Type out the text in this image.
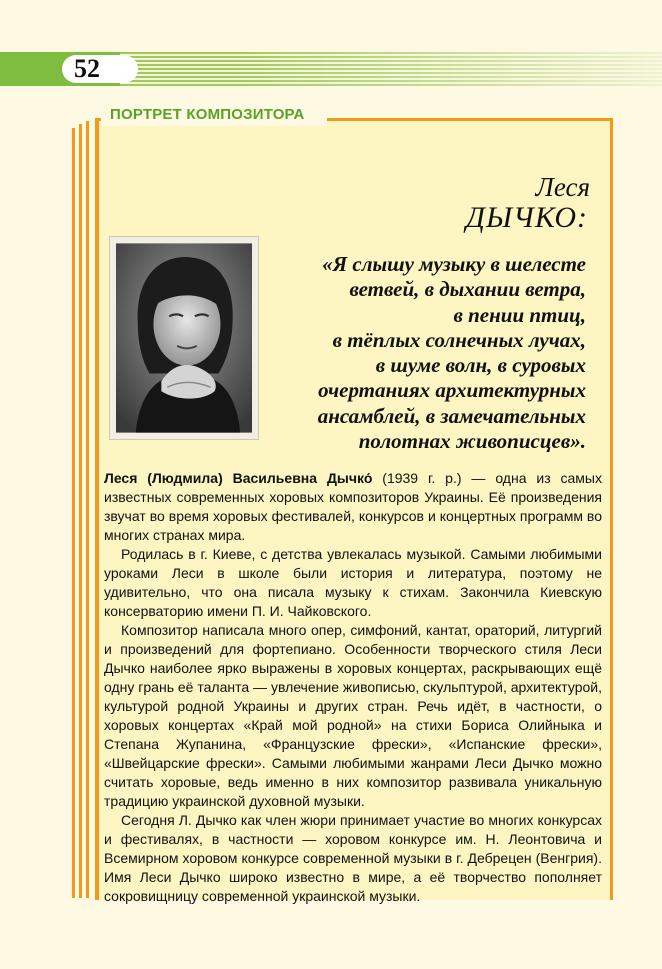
52
ПОРТРЕТ КОМПОЗИТОРА
Леся
ДЫЧКО:
«Я слышу музыку в шелесте
ветвей, в дыхании ветра,
в пении птиц,
в тёплых солнечных лучах,
в шуме волн, в суровых
очертаниях архитектурных
ансамблей, в замечательных
полотнах живописцев».

Леся (Людмила) Васильевна Дычко́ (1939 г. р.) — одна из самых известных современных хоровых композиторов Украины. Её произведения звучат во время хоровых фестивалей, конкурсов и концертных программ во многих странах мира.

Родилась в г. Киеве, с детства увлекалась музыкой. Самыми любимыми уроками Леси в школе были история и литература, поэтому не удивительно, что она писала музыку к стихам. Закончила Киевскую консерваторию имени П. И. Чайковского.

Композитор написала много опер, симфоний, кантат, ораторий, литургий и произведений для фортепиано. Особенности творческого стиля Леси Дычко наиболее ярко выражены в хоровых концертах, раскрывающих ещё одну грань её таланта — увлечение живописью, скульптурой, архитектурой, культурой родной Украины и других стран. Речь идёт, в частности, о хоровых концертах «Край мой родной» на стихи Бориса Олийныка и Степана Жупанина, «Французские фрески», «Испанские фрески», «Швейцарские фрески». Самыми любимыми жанрами Леси Дычко можно считать хоровые, ведь именно в них композитор развивала уникальную традицию украинской духовной музыки.

Сегодня Л. Дычко как член жюри принимает участие во многих конкурсах и фестивалях, в частности — хоровом конкурсе им. Н. Леонтовича и Всемирном хоровом конкурсе современной музыки в г. Дебрецен (Венгрия). Имя Леси Дычко широко известно в мире, а её творчество пополняет сокровищницу современной украинской музыки.
